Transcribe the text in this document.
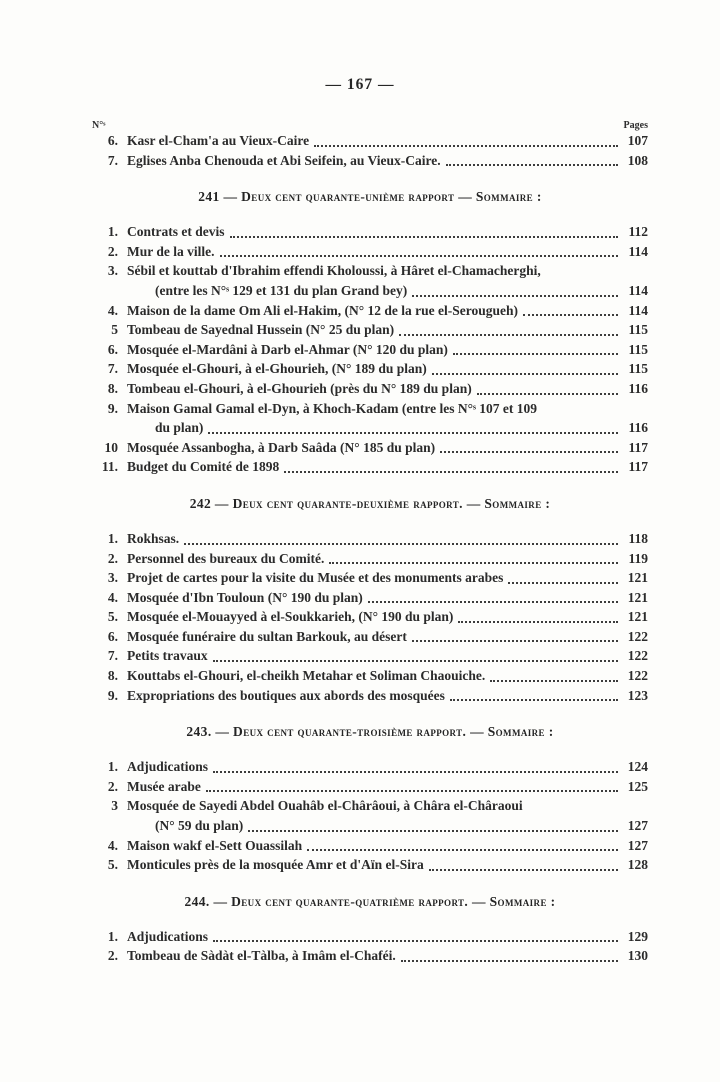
— 167 —
N°ˢ	Pages
6. Kasr el-Cham'a au Vieux-Caire	107
7. Eglises Anba Chenouda et Abi Seifein, au Vieux-Caire.	108
241 — Deux cent quarante-unième rapport — Sommaire :
1. Contrats et devis	112
2. Mur de la ville.	114
3. Sébil et kouttab d'Ibrahim effendi Kholoussi, à Hâret el-Chamacherghi,
(entre les N°ˢ 129 et 131 du plan Grand bey)	114
4. Maison de la dame Om Ali el-Hakim, (N° 12 de la rue el-Serougueh)	114
5 Tombeau de Sayednal Hussein (N° 25 du plan)	115
6. Mosquée el-Mardâni à Darb el-Ahmar (N° 120 du plan)	115
7. Mosquée el-Ghouri, à el-Ghourieh, (N° 189 du plan)	115
8. Tombeau el-Ghouri, à el-Ghourieh (près du N° 189 du plan)	116
9. Maison Gamal Gamal el-Dyn, à Khoch-Kadam (entre les N°ˢ 107 et 109
du plan)	116
10 Mosquée Assanbogha, à Darb Saâda (N° 185 du plan)	117
11. Budget du Comité de 1898	117
242 — Deux cent quarante-deuxième rapport. — Sommaire :
1. Rokhsas.	118
2. Personnel des bureaux du Comité.	119
3. Projet de cartes pour la visite du Musée et des monuments arabes	121
4. Mosquée d'Ibn Touloun (N° 190 du plan)	121
5. Mosquée el-Mouayyed à el-Soukkarieh, (N° 190 du plan)	121
6. Mosquée funéraire du sultan Barkouk, au désert	122
7. Petits travaux	122
8. Kouttabs el-Ghouri, el-cheikh Metahar et Soliman Chaouiche.	122
9. Expropriations des boutiques aux abords des mosquées	123
243. — Deux cent quarante-troisième rapport. — Sommaire :
1. Adjudications	124
2. Musée arabe	125
3 Mosquée de Sayedi Abdel Ouahâb el-Chârâoui, à Châra el-Châraoui
(N° 59 du plan)	127
4. Maison wakf el-Sett Ouassilah	127
5. Monticules près de la mosquée Amr et d'Aïn el-Sira	128
244. — Deux cent quarante-quatrième rapport. — Sommaire :
1. Adjudications	129
2. Tombeau de Sàdàt el-Tàlba, à Imâm el-Chaféi.	130
